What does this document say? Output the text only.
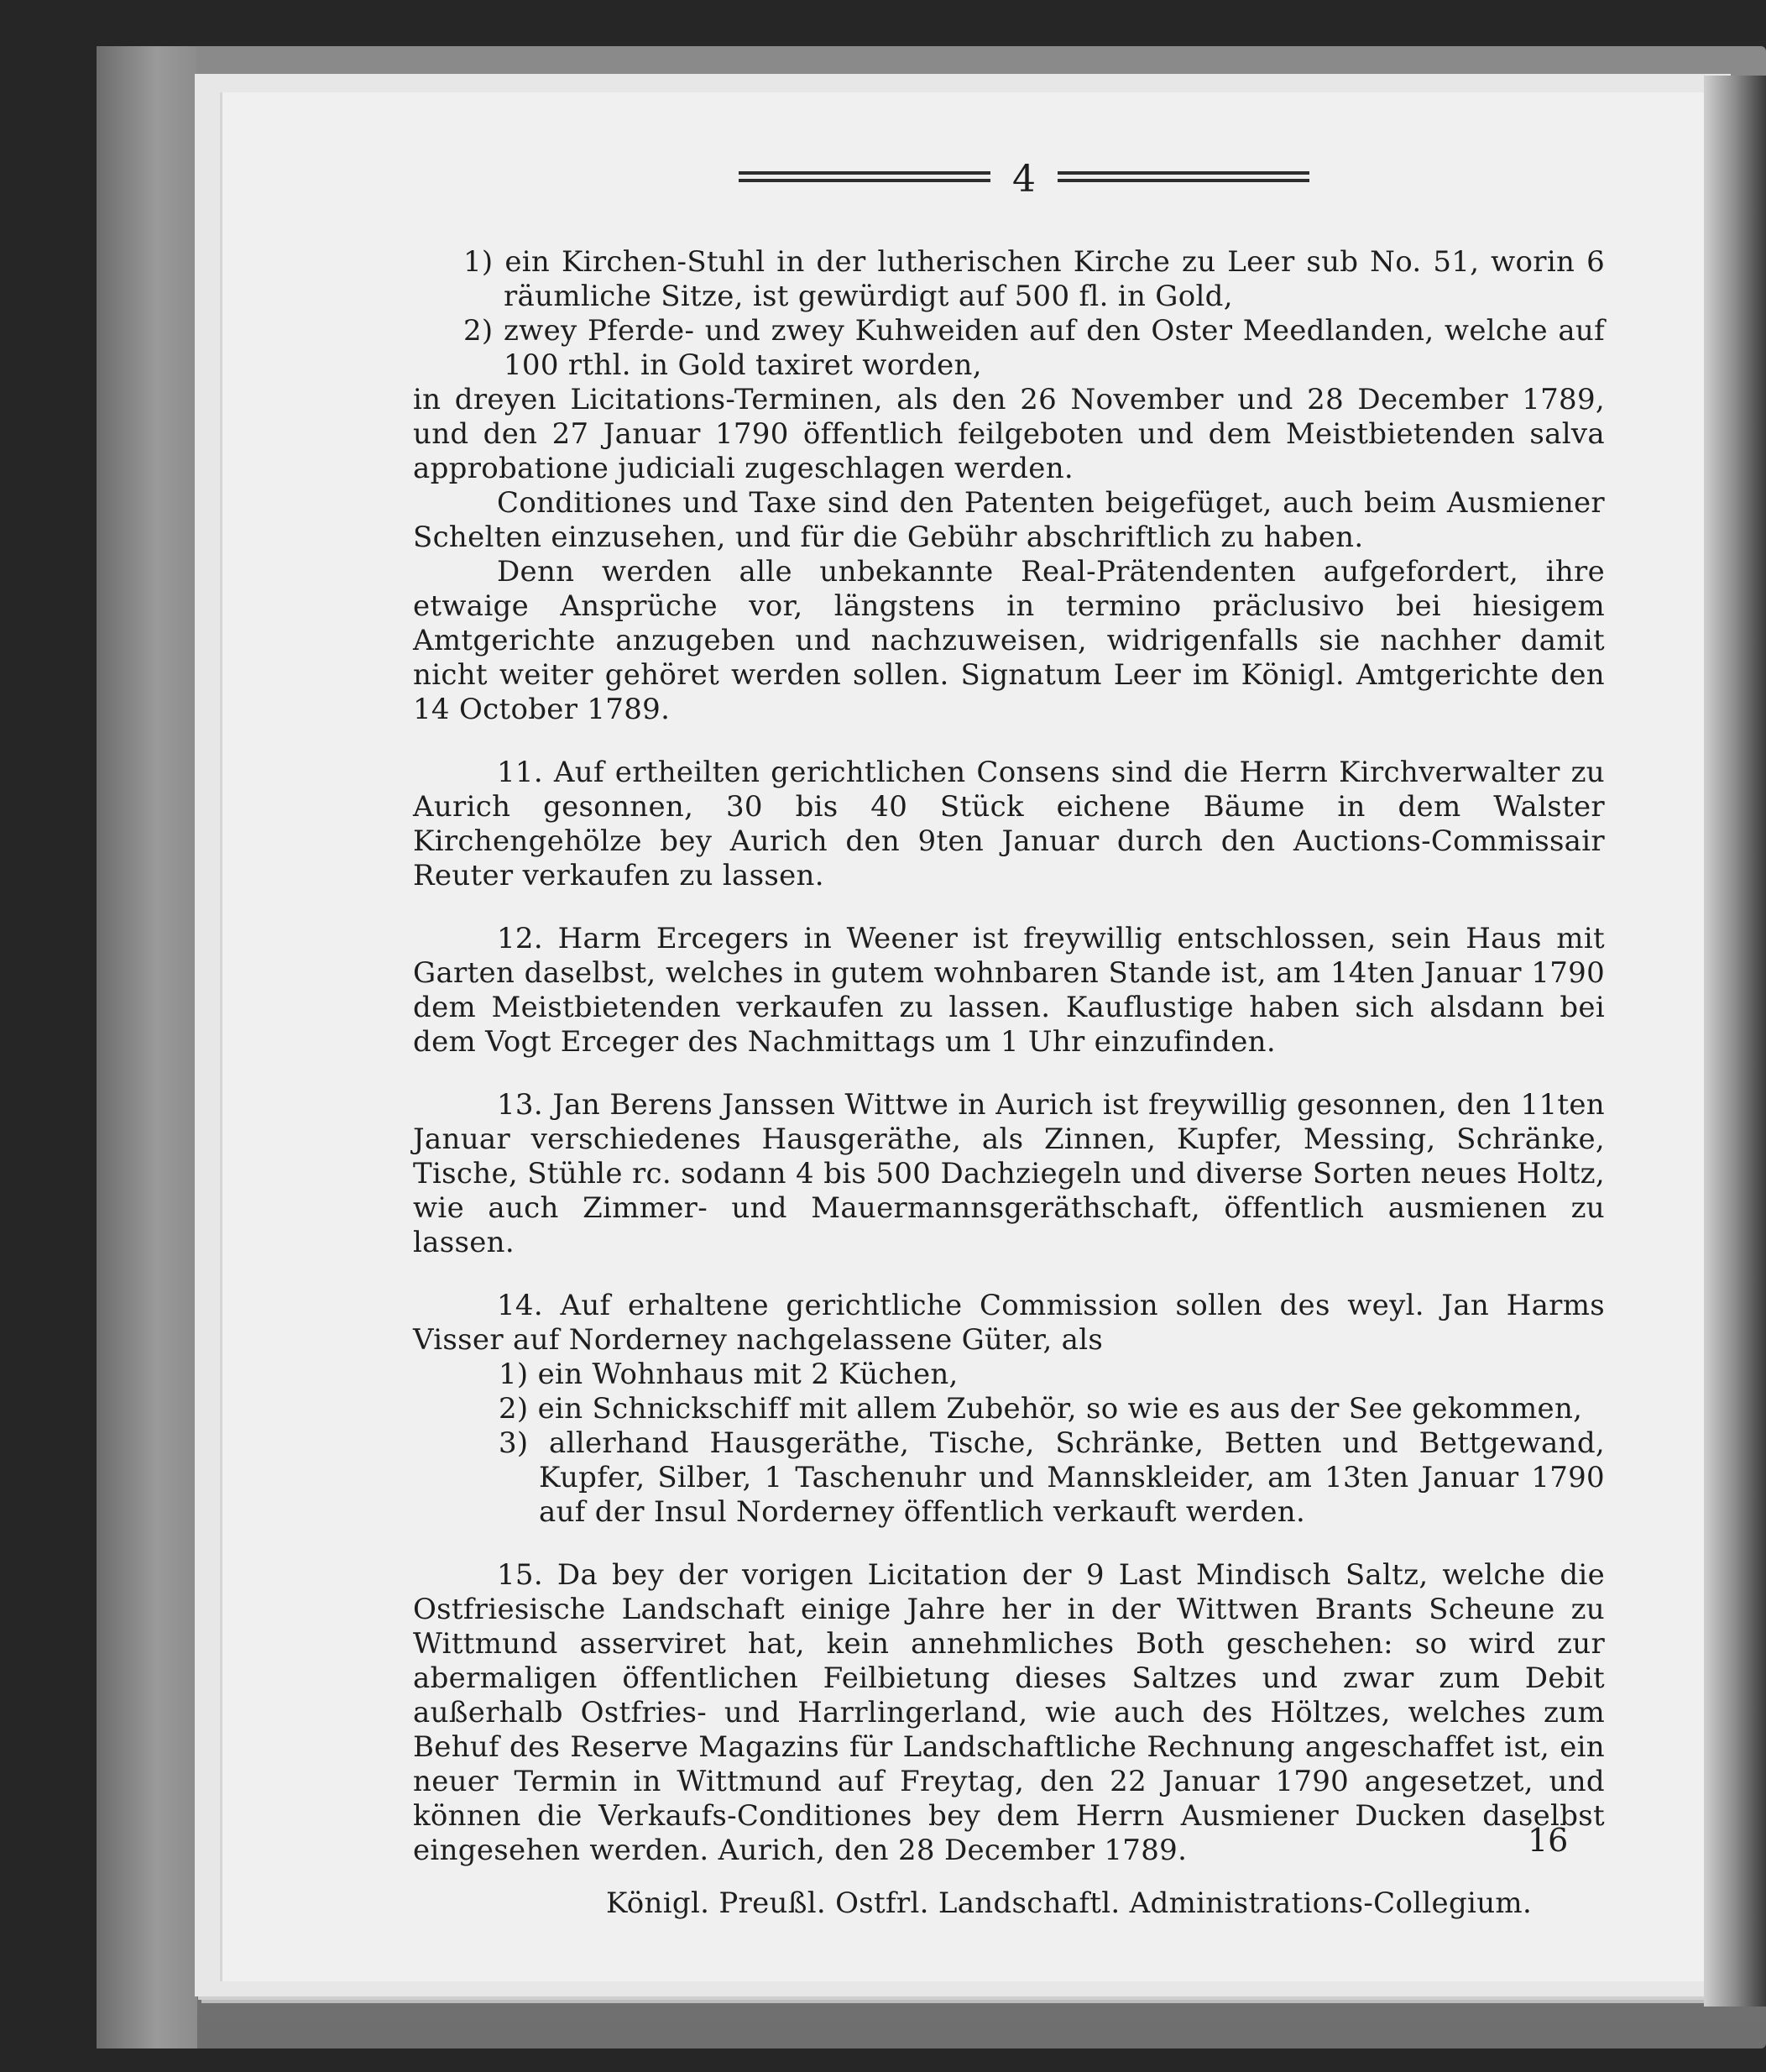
4

1) ein Kirchen-Stuhl in der lutherischen Kirche zu Leer sub No. 51, worin 6 räumliche Sitze, ist gewürdigt auf 500 fl. in Gold,

2) zwey Pferde- und zwey Kuhweiden auf den Oster Meedlanden, welche auf 100 rthl. in Gold taxiret worden,

in dreyen Licitations-Terminen, als den 26 November und 28 December 1789, und den 27 Januar 1790 öffentlich feilgeboten und dem Meistbietenden salva approbatione judiciali zugeschlagen werden.

Conditiones und Taxe sind den Patenten beigefüget, auch beim Ausmiener Schelten einzusehen, und für die Gebühr abschriftlich zu haben.

Denn werden alle unbekannte Real-Prätendenten aufgefordert, ihre etwaige Ansprüche vor, längstens in termino präclusivo bei hiesigem Amtgerichte anzugeben und nachzuweisen, widrigenfalls sie nachher damit nicht weiter gehöret werden sollen. Signatum Leer im Königl. Amtgerichte den 14 October 1789.

11. Auf ertheilten gerichtlichen Consens sind die Herrn Kirchverwalter zu Aurich gesonnen, 30 bis 40 Stück eichene Bäume in dem Walster Kirchengehölze bey Aurich den 9ten Januar durch den Auctions-Commissair Reuter verkaufen zu lassen.

12. Harm Ercegers in Weener ist freywillig entschlossen, sein Haus mit Garten daselbst, welches in gutem wohnbaren Stande ist, am 14ten Januar 1790 dem Meistbietenden verkaufen zu lassen. Kauflustige haben sich alsdann bei dem Vogt Erceger des Nachmittags um 1 Uhr einzufinden.

13. Jan Berens Janssen Wittwe in Aurich ist freywillig gesonnen, den 11ten Januar verschiedenes Hausgeräthe, als Zinnen, Kupfer, Messing, Schränke, Tische, Stühle rc. sodann 4 bis 500 Dachziegeln und diverse Sorten neues Holtz, wie auch Zimmer- und Mauermannsgeräthschaft, öffentlich ausmienen zu lassen.

14. Auf erhaltene gerichtliche Commission sollen des weyl. Jan Harms Visser auf Norderney nachgelassene Güter, als

1) ein Wohnhaus mit 2 Küchen,

2) ein Schnickschiff mit allem Zubehör, so wie es aus der See gekommen,

3) allerhand Hausgeräthe, Tische, Schränke, Betten und Bettgewand, Kupfer, Silber, 1 Taschenuhr und Mannskleider, am 13ten Januar 1790 auf der Insul Norderney öffentlich verkauft werden.

15. Da bey der vorigen Licitation der 9 Last Mindisch Saltz, welche die Ostfriesische Landschaft einige Jahre her in der Wittwen Brants Scheune zu Wittmund asserviret hat, kein annehmliches Both geschehen: so wird zur abermaligen öffentlichen Feilbietung dieses Saltzes und zwar zum Debit außerhalb Ostfries- und Harrlingerland, wie auch des Höltzes, welches zum Behuf des Reserve Magazins für Landschaftliche Rechnung angeschaffet ist, ein neuer Termin in Wittmund auf Freytag, den 22 Januar 1790 angesetzet, und können die Verkaufs-Conditiones bey dem Herrn Ausmiener Ducken daselbst eingesehen werden. Aurich, den 28 December 1789.

Königl. Preußl. Ostfrl. Landschaftl. Administrations-Collegium.

16
